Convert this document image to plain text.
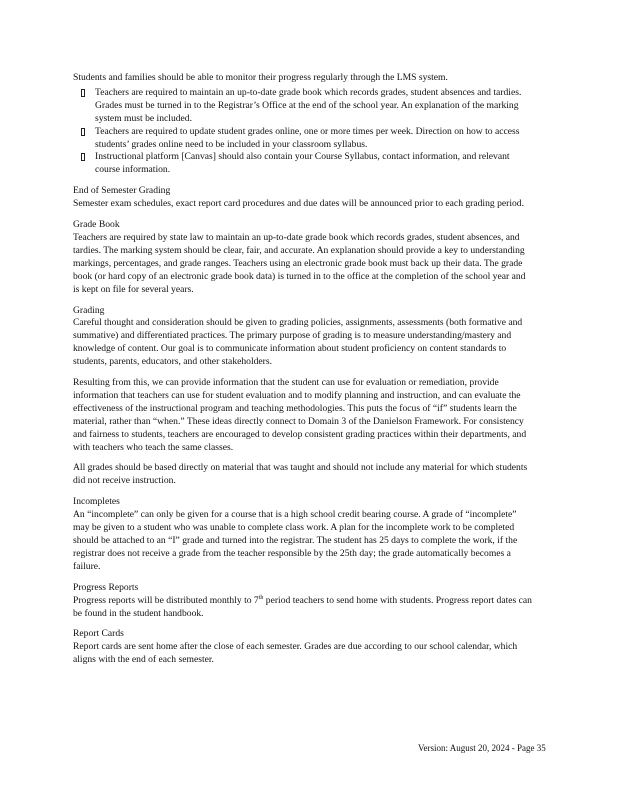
Students and families should be able to monitor their progress regularly through the LMS system.

Teachers are required to maintain an up-to-date grade book which records grades, student absences and tardies. Grades must be turned in to the Registrar’s Office at the end of the school year. An explanation of the marking system must be included.
Teachers are required to update student grades online, one or more times per week. Direction on how to access students’ grades online need to be included in your classroom syllabus.
Instructional platform [Canvas] should also contain your Course Syllabus, contact information, and relevant course information.

End of Semester Grading

Semester exam schedules, exact report card procedures and due dates will be announced prior to each grading period.

Grade Book

Teachers are required by state law to maintain an up-to-date grade book which records grades, student absences, and tardies. The marking system should be clear, fair, and accurate. An explanation should provide a key to understanding markings, percentages, and grade ranges. Teachers using an electronic grade book must back up their data. The grade book (or hard copy of an electronic grade book data) is turned in to the office at the completion of the school year and is kept on file for several years.

Grading

Careful thought and consideration should be given to grading policies, assignments, assessments (both formative and summative) and differentiated practices. The primary purpose of grading is to measure understanding/mastery and knowledge of content. Our goal is to communicate information about student proficiency on content standards to students, parents, educators, and other stakeholders.

Resulting from this, we can provide information that the student can use for evaluation or remediation, provide information that teachers can use for student evaluation and to modify planning and instruction, and can evaluate the effectiveness of the instructional program and teaching methodologies. This puts the focus of “if” students learn the material, rather than “when.” These ideas directly connect to Domain 3 of the Danielson Framework. For consistency and fairness to students, teachers are encouraged to develop consistent grading practices within their departments, and with teachers who teach the same classes.

All grades should be based directly on material that was taught and should not include any material for which students did not receive instruction.

Incompletes

An “incomplete” can only be given for a course that is a high school credit bearing course. A grade of “incomplete” may be given to a student who was unable to complete class work. A plan for the incomplete work to be completed should be attached to an “I” grade and turned into the registrar. The student has 25 days to complete the work, if the registrar does not receive a grade from the teacher responsible by the 25th day; the grade automatically becomes a failure.

Progress Reports

Progress reports will be distributed monthly to 7th period teachers to send home with students. Progress report dates can be found in the student handbook.

Report Cards

Report cards are sent home after the close of each semester. Grades are due according to our school calendar, which aligns with the end of each semester.

Version: August 20, 2024 - Page 35
